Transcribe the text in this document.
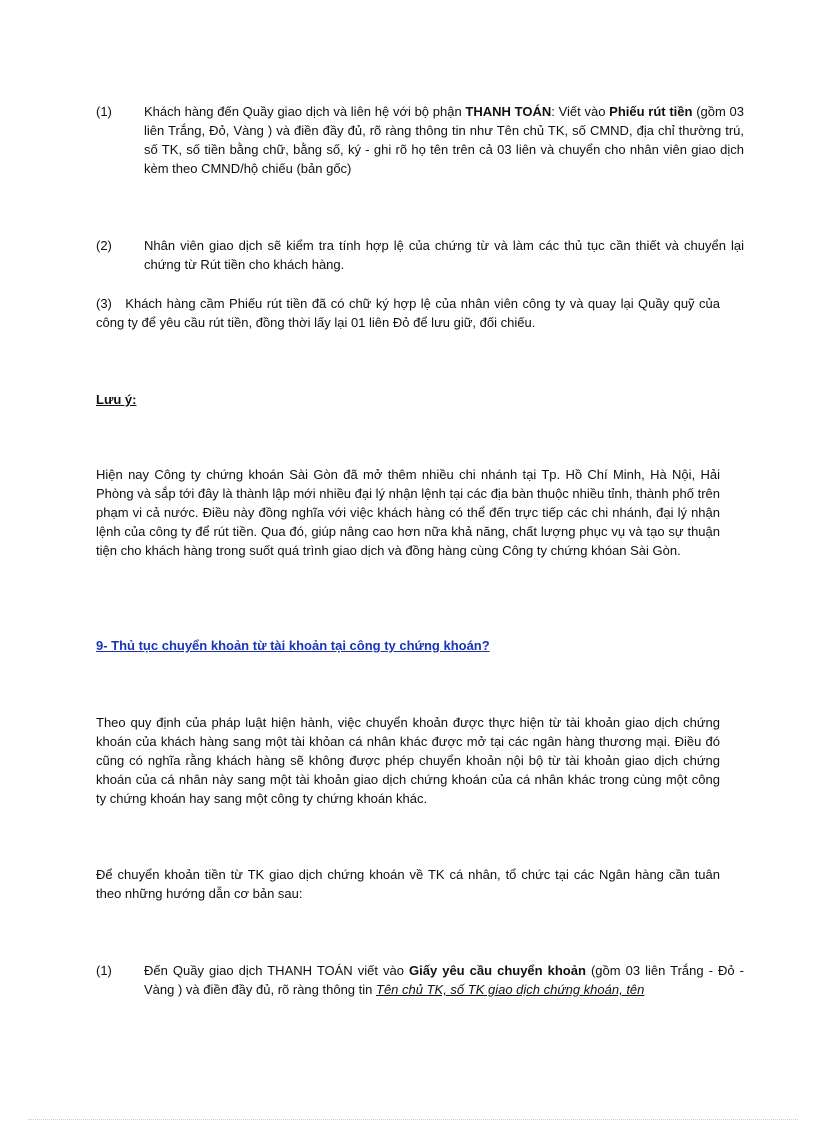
(1) Khách hàng đến Quầy giao dịch và liên hệ với bộ phận THANH TOÁN: Viết vào Phiếu rút tiền (gồm 03 liên Trắng, Đỏ, Vàng ) và điền đầy đủ, rõ ràng thông tin như Tên chủ TK, số CMND, địa chỉ thường trú, số TK, số tiền bằng chữ, bằng số, ký - ghi rõ họ tên trên cả 03 liên và chuyển cho nhân viên giao dịch kèm theo CMND/hộ chiếu (bản gốc)

(2) Nhân viên giao dịch sẽ kiểm tra tính hợp lệ của chứng từ và làm các thủ tục cần thiết và chuyển lại chứng từ Rút tiền cho khách hàng.

(3) Khách hàng cầm Phiếu rút tiền đã có chữ ký hợp lệ của nhân viên công ty và quay lại Quầy quỹ của công ty để yêu cầu rút tiền, đồng thời lấy lại 01 liên Đỏ để lưu giữ, đối chiếu.

Lưu ý:

Hiện nay Công ty chứng khoán Sài Gòn đã mở thêm nhiều chi nhánh tại Tp. Hồ Chí Minh, Hà Nội, Hải Phòng và sắp tới đây là thành lập mới nhiều đại lý nhận lệnh tại các địa bàn thuộc nhiều tỉnh, thành phố trên phạm vi cả nước. Điều này đồng nghĩa với việc khách hàng có thể đến trực tiếp các chi nhánh, đại lý nhận lệnh của công ty để rút tiền. Qua đó, giúp nâng cao hơn nữa khả năng, chất lượng phục vụ và tạo sự thuận tiện cho khách hàng trong suốt quá trình giao dịch và đồng hàng cùng Công ty chứng khóan Sài Gòn.

9- Thủ tục chuyển khoản từ tài khoản tại công ty chứng khoán?

Theo quy định của pháp luật hiện hành, việc chuyển khoản được thực hiện từ tài khoản giao dịch chứng khoán của khách hàng sang một tài khỏan cá nhân khác được mở tại các ngân hàng thương mại. Điều đó cũng có nghĩa rằng khách hàng sẽ không được phép chuyển khoản nội bộ từ tài khoản giao dịch chứng khoán của cá nhân này sang một tài khoản giao dịch chứng khoán của cá nhân khác trong cùng một công ty chứng khoán hay sang một công ty chứng khoán khác.

Để chuyển khoản tiền từ TK giao dịch chứng khoán về TK cá nhân, tổ chức tại các Ngân hàng cần tuân theo những hướng dẫn cơ bản sau:

(1) Đến Quầy giao dịch THANH TOÁN viết vào Giấy yêu cầu chuyển khoản (gồm 03 liên Trắng - Đỏ - Vàng ) và điền đầy đủ, rõ ràng thông tin Tên chủ TK, số TK giao dịch chứng khoán, tên
